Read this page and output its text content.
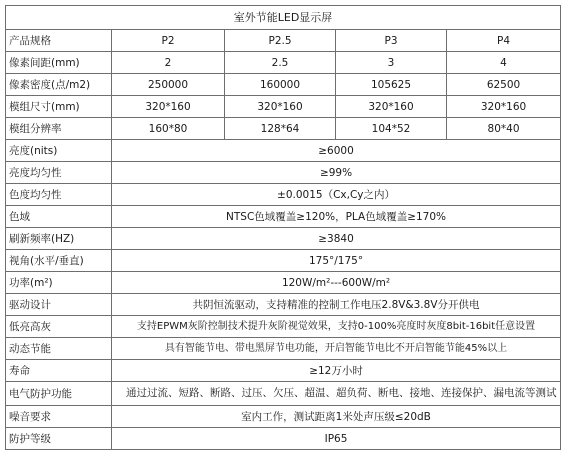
室外节能LED显示屏				
产品规格	P2	P2.5	P3	P4
像素间距(mm)	2	2.5	3	4
像素密度(点/m2)	250000	160000	105625	62500
模组尺寸(mm)	320*160	320*160	320*160	320*160
模组分辨率	160*80	128*64	104*52	80*40
亮度(nits)	≥6000			
亮度均匀性	≥99%			
色度均匀性	±0.0015（Cx,Cy之内）			
色域	NTSC色域覆盖≥120%，PLA色域覆盖≥170%			
刷新频率(HZ)	≥3840			
视角(水平/垂直)	175°/175°			
功率(m²)	120W/m²---600W/m²			
驱动设计	共阴恒流驱动，支持精准的控制工作电压2.8V&3.8V分开供电			
低亮高灰	支持EPWM灰阶控制技术提升灰阶视觉效果，支持0-100%亮度时灰度8bit-16bit任意设置			
动态节能	具有智能节电、带电黑屏节电功能，开启智能节电比不开启智能节能45%以上			
寿命	≥12万小时			
电气防护功能	通过过流、短路、断路、过压、欠压、超温、超负荷、断电、接地、连接保护、漏电流等测试			
噪音要求	室内工作，测试距离1米处声压级≤20dB			
防护等级	IP65			
